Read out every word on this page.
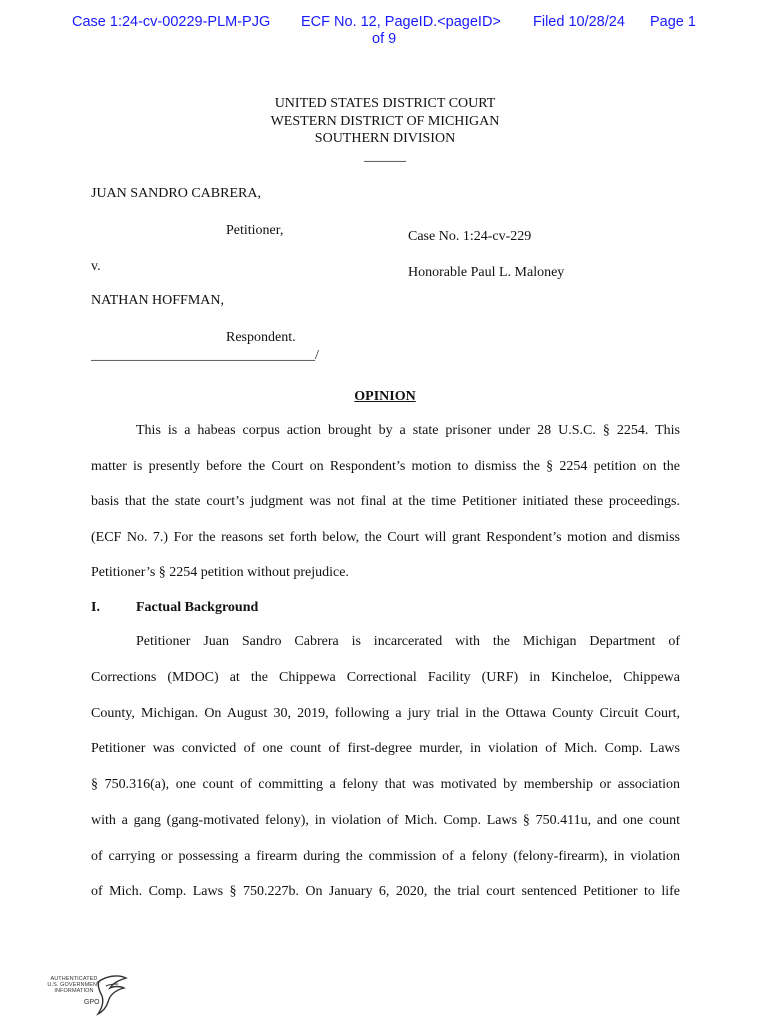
Case 1:24-cv-00229-PLM-PJG ECF No. 12, PageID.<pageID> Filed 10/28/24 Page 1
of 9
UNITED STATES DISTRICT COURT
WESTERN DISTRICT OF MICHIGAN
SOUTHERN DIVISION
______
JUAN SANDRO CABRERA,
Petitioner,	Case No. 1:24-cv-229
v.	Honorable Paul L. Maloney
NATHAN HOFFMAN,
Respondent.
________________________________/
OPINION
This is a habeas corpus action brought by a state prisoner under 28 U.S.C. § 2254. This
matter is presently before the Court on Respondent’s motion to dismiss the § 2254 petition on the
basis that the state court’s judgment was not final at the time Petitioner initiated these proceedings.
(ECF No. 7.) For the reasons set forth below, the Court will grant Respondent’s motion and dismiss
Petitioner’s § 2254 petition without prejudice.
I.	Factual Background
Petitioner Juan Sandro Cabrera is incarcerated with the Michigan Department of
Corrections (MDOC) at the Chippewa Correctional Facility (URF) in Kincheloe, Chippewa
County, Michigan. On August 30, 2019, following a jury trial in the Ottawa County Circuit Court,
Petitioner was convicted of one count of first-degree murder, in violation of Mich. Comp. Laws
§ 750.316(a), one count of committing a felony that was motivated by membership or association
with a gang (gang-motivated felony), in violation of Mich. Comp. Laws § 750.411u, and one count
of carrying or possessing a firearm during the commission of a felony (felony-firearm), in violation
of Mich. Comp. Laws § 750.227b. On January 6, 2020, the trial court sentenced Petitioner to life
AUTHENTICATED
U.S. GOVERNMENT
INFORMATION
GPO
